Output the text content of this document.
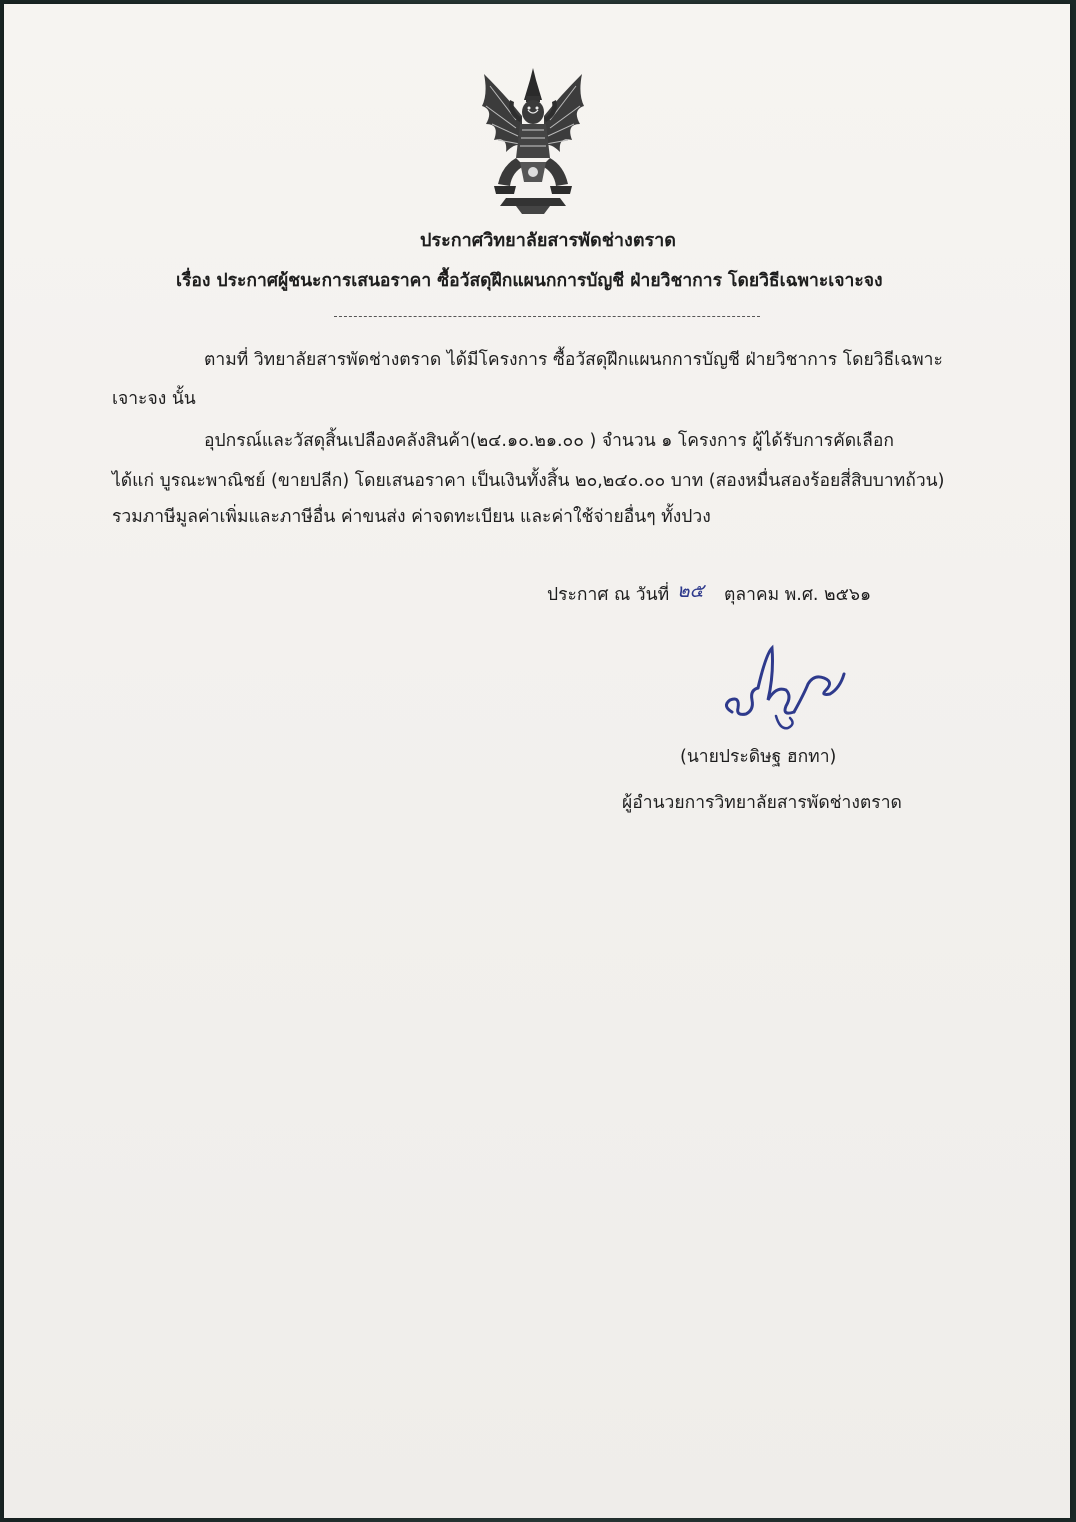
ประกาศวิทยาลัยสารพัดช่างตราด
เรื่อง ประกาศผู้ชนะการเสนอราคา ซื้อวัสดุฝึกแผนกการบัญชี ฝ่ายวิชาการ โดยวิธีเฉพาะเจาะจง
ตามที่ วิทยาลัยสารพัดช่างตราด ได้มีโครงการ ซื้อวัสดุฝึกแผนกการบัญชี ฝ่ายวิชาการ โดยวิธีเฉพาะ
เจาะจง นั้น
อุปกรณ์และวัสดุสิ้นเปลืองคลังสินค้า(๒๔.๑๐.๒๑.๐๐ ) จำนวน ๑ โครงการ ผู้ได้รับการคัดเลือก
ได้แก่ บูรณะพาณิชย์ (ขายปลีก) โดยเสนอราคา เป็นเงินทั้งสิ้น ๒๐,๒๔๐.๐๐ บาท (สองหมื่นสองร้อยสี่สิบบาทถ้วน)
รวมภาษีมูลค่าเพิ่มและภาษีอื่น ค่าขนส่ง ค่าจดทะเบียน และค่าใช้จ่ายอื่นๆ ทั้งปวง
ประกาศ ณ วันที่ ๒๕ ตุลาคม พ.ศ. ๒๕๖๑
(นายประดิษฐ ฮกทา)
ผู้อำนวยการวิทยาลัยสารพัดช่างตราด
